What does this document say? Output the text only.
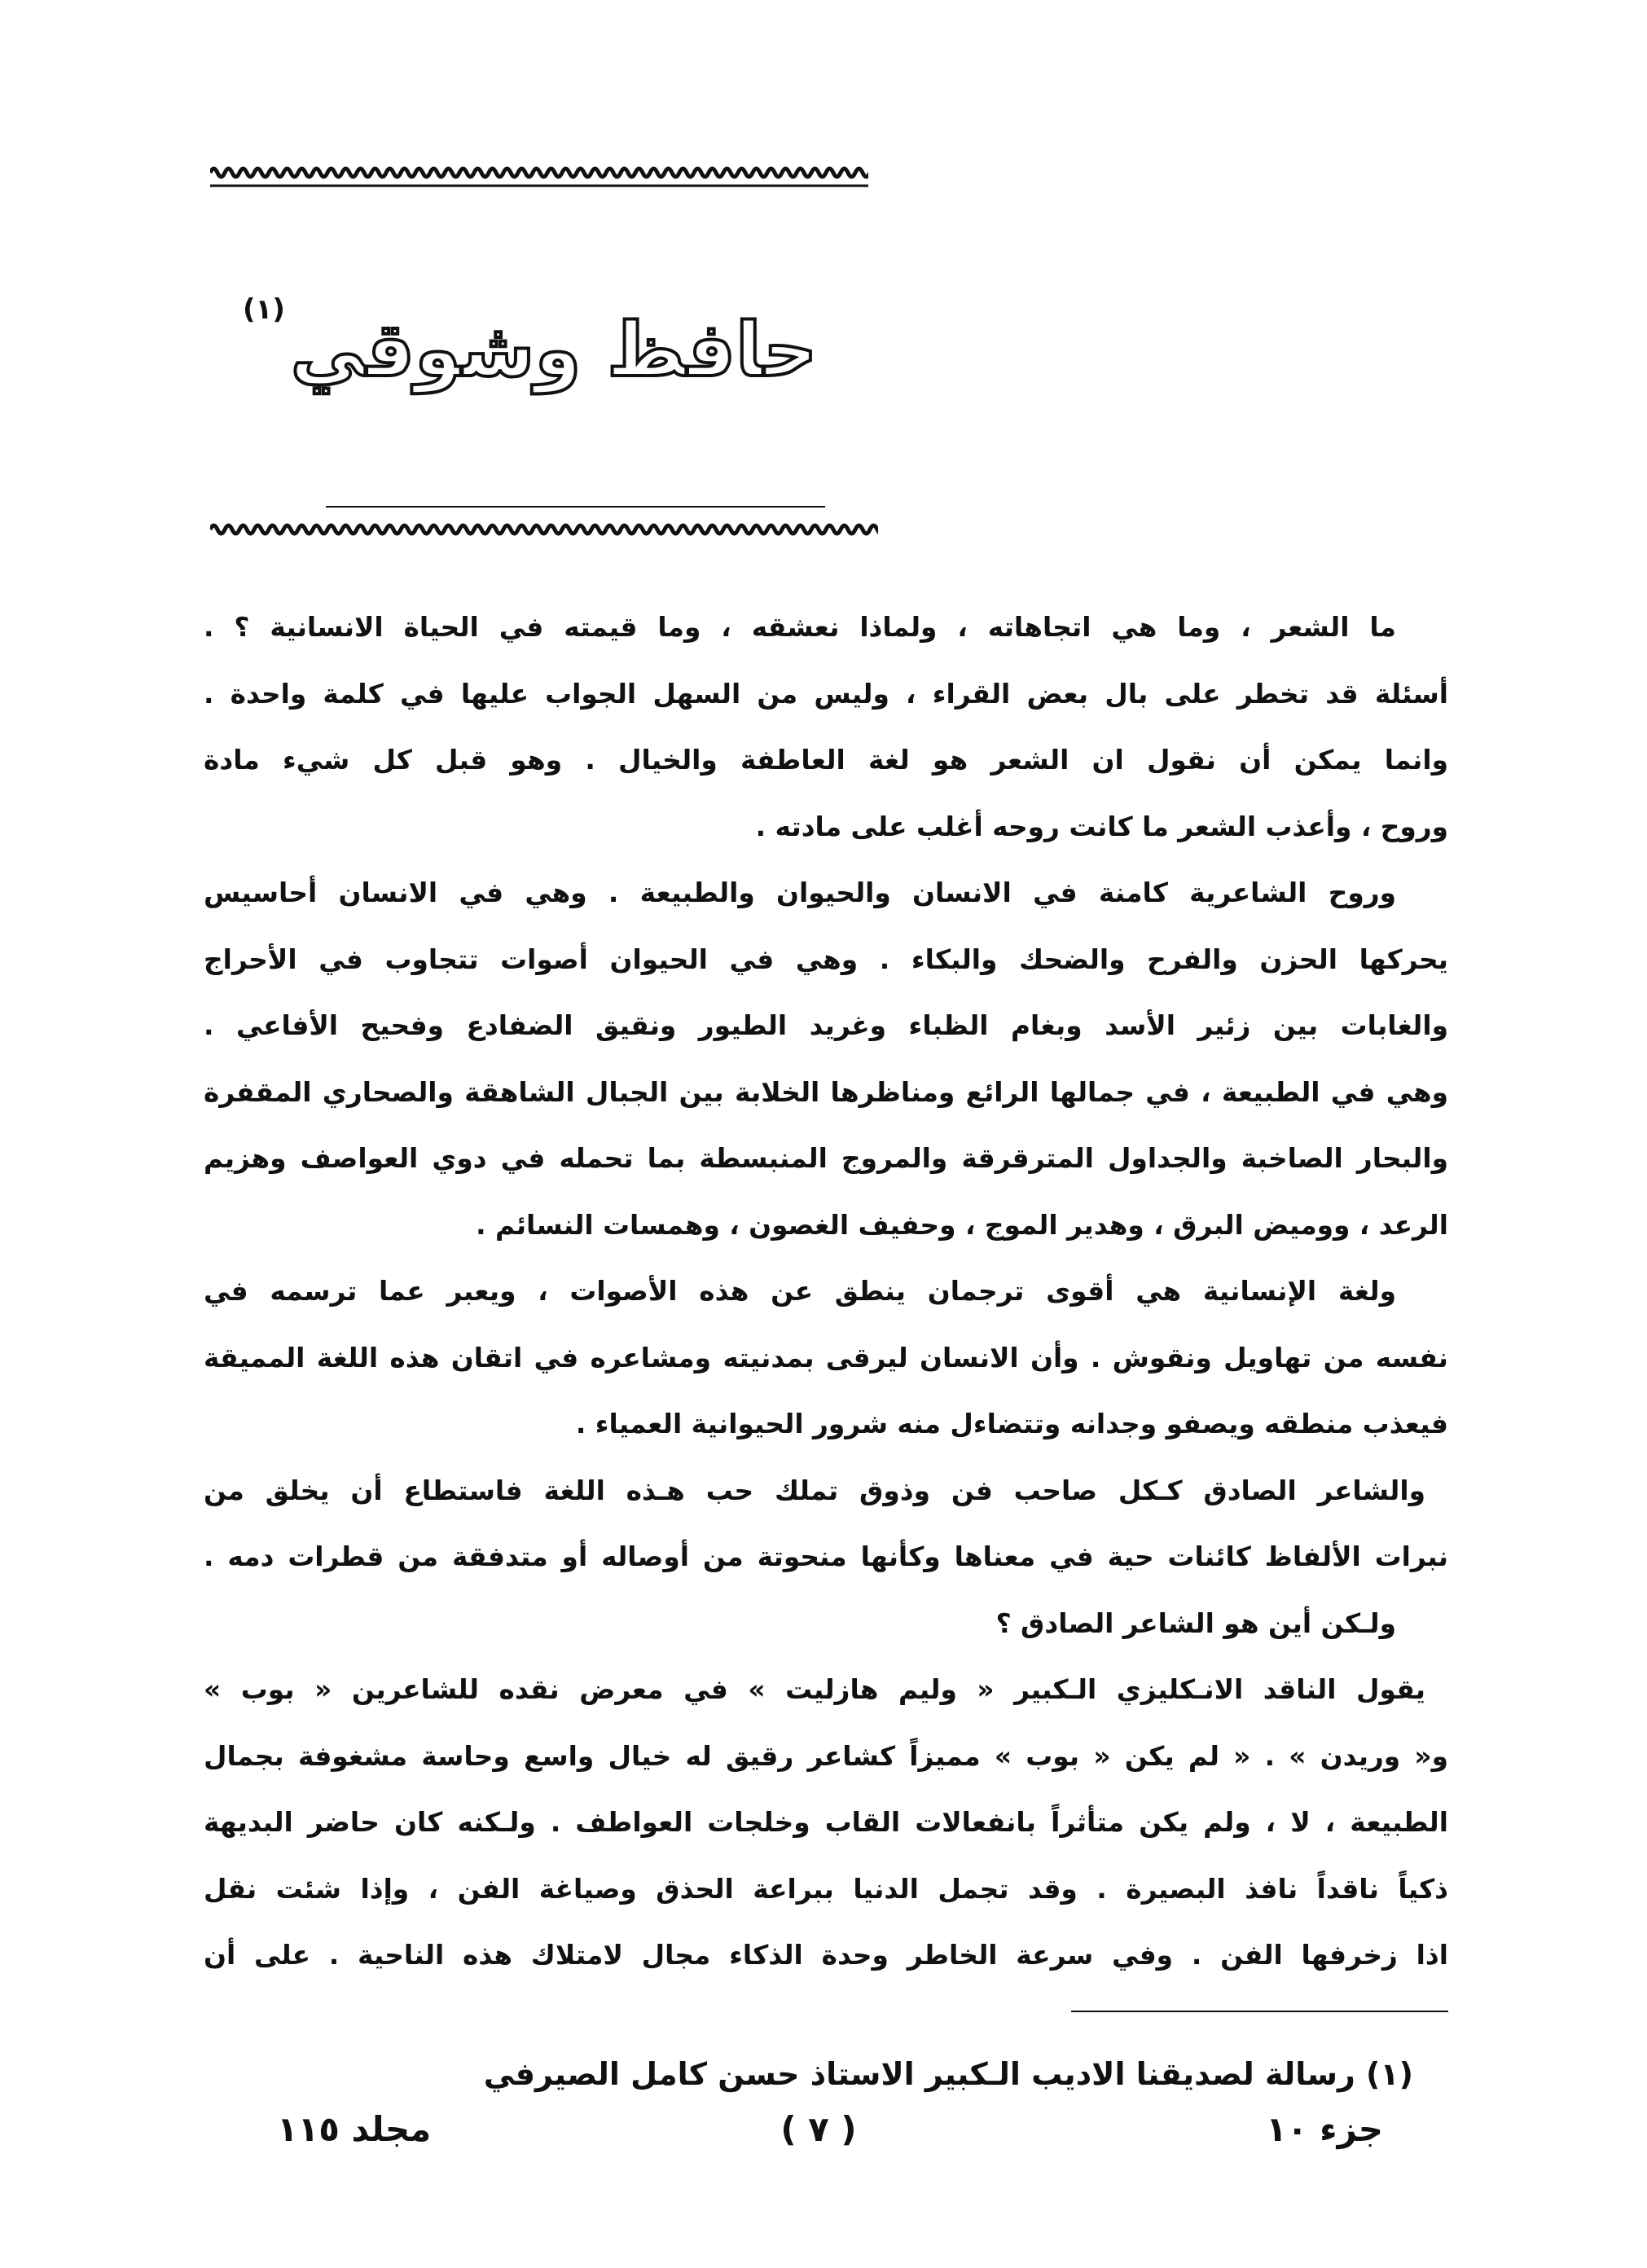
حافظ وشوقي
(١)
ما الشعر ، وما هي اتجاهاته ، ولماذا نعشقه ، وما قيمته في الحياة الانسانية ؟ .
أسئلة قد تخطر على بال بعض القراء ، وليس من السهل الجواب عليها في كلمة واحدة .
وانما يمكن أن نقول ان الشعر هو لغة العاطفة والخيال . وهو قبل كل شيء مادة
وروح ، وأعذب الشعر ما كانت روحه أغلب على مادته .
وروح الشاعرية كامنة في الانسان والحيوان والطبيعة . وهي في الانسان أحاسيس
يحركها الحزن والفرح والضحك والبكاء . وهي في الحيوان أصوات تتجاوب في الأحراج
والغابات بين زئير الأسد وبغام الظباء وغريد الطيور ونقيق الضفادع وفحيح الأفاعي .
وهي في الطبيعة ، في جمالها الرائع ومناظرها الخلابة بين الجبال الشاهقة والصحاري المقفرة
والبحار الصاخبة والجداول المترقرقة والمروج المنبسطة بما تحمله في دوي العواصف وهزيم
الرعد ، ووميض البرق ، وهدير الموج ، وحفيف الغصون ، وهمسات النسائم .
ولغة الإنسانية هي أقوى ترجمان ينطق عن هذه الأصوات ، ويعبر عما ترسمه في
نفسه من تهاويل ونقوش . وأن الانسان ليرقى بمدنيته ومشاعره في اتقان هذه اللغة المميقة
فيعذب منطقه ويصفو وجدانه وتتضاءل منه شرور الحيوانية العمياء .
والشاعر الصادق كـكل صاحب فن وذوق تملك حب هـذه اللغة فاستطاع أن يخلق من
نبرات الألفاظ كائنات حية في معناها وكأنها منحوتة من أوصاله أو متدفقة من قطرات دمه .
ولـكن أين هو الشاعر الصادق ؟
يقول الناقد الانـكليزي الـكبير « وليم هازليت » في معرض نقده للشاعرين « بوب »
و« وريدن » . « لم يكن « بوب » مميزاً كشاعر رقيق له خيال واسع وحاسة مشغوفة بجمال
الطبيعة ، لا ، ولم يكن متأثراً بانفعالات القاب وخلجات العواطف . ولـكنه كان حاضر البديهة
ذكياً ناقداً نافذ البصيرة . وقد تجمل الدنيا ببراعة الحذق وصياغة الفن ، وإذا شئت نقل
اذا زخرفها الفن . وفي سرعة الخاطر وحدة الذكاء مجال لامتلاك هذه الناحية . على أن
(١) رسالة لصديقنا الاديب الـكبير الاستاذ حسن كامل الصيرفي
جزء ١٠
( ٧ )
مجلد ١١٥
